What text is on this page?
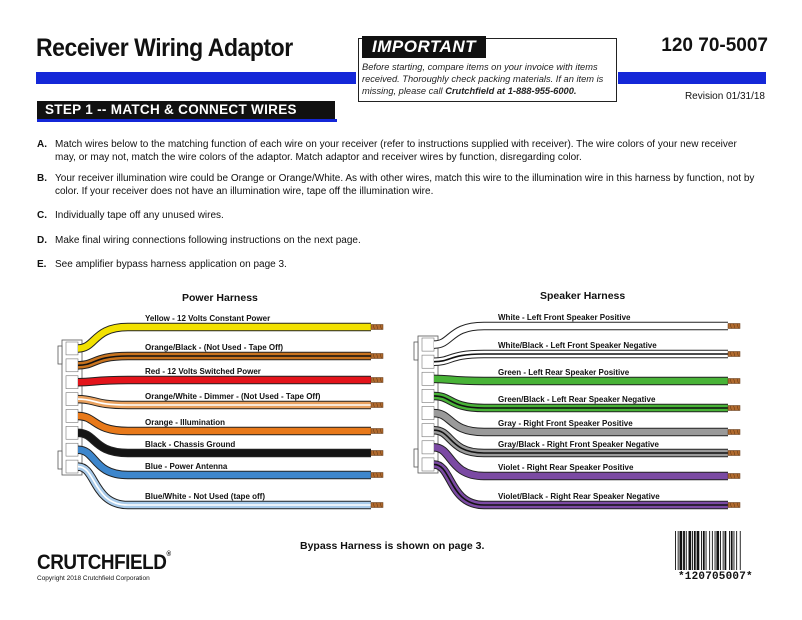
Receiver Wiring Adaptor	120 70-5007
IMPORTANT
Before starting, compare items on your invoice with items received. Thoroughly check packing materials. If an item is missing, please call Crutchfield at 1-888-955-6000.	Revision 01/31/18
STEP 1 -- MATCH & CONNECT WIRES
A. Match wires below to the matching function of each wire on your receiver (refer to instructions supplied with receiver). The wire colors of your new receiver may, or may not, match the wire colors of the adaptor. Match adaptor and receiver wires by function, disregarding color.
B. Your receiver illumination wire could be Orange or Orange/White. As with other wires, match this wire to the illumination wire in this harness by function, not by color. If your receiver does not have an illumination wire, tape off the illumination wire.
C. Individually tape off any unused wires.
D. Make final wiring connections following instructions on the next page.
E. See amplifier bypass harness application on page 3.
Power Harness	Speaker Harness
Yellow - 12 Volts Constant Power
Orange/Black - (Not Used - Tape Off)
Red - 12 Volts Switched Power
Orange/White - Dimmer - (Not Used - Tape Off)
Orange - Illumination
Black - Chassis Ground
Blue - Power Antenna
Blue/White - Not Used (tape off)
White - Left Front Speaker Positive
White/Black - Left Front Speaker Negative
Green - Left Rear Speaker Positive
Green/Black - Left Rear Speaker Negative
Gray - Right Front Speaker Positive
Gray/Black - Right Front Speaker Negative
Violet - Right Rear Speaker Positive
Violet/Black - Right Rear Speaker Negative
CRUTCHFIELD®
Copyright 2018 Crutchfield Corporation
Bypass Harness is shown on page 3.
*120705007*
